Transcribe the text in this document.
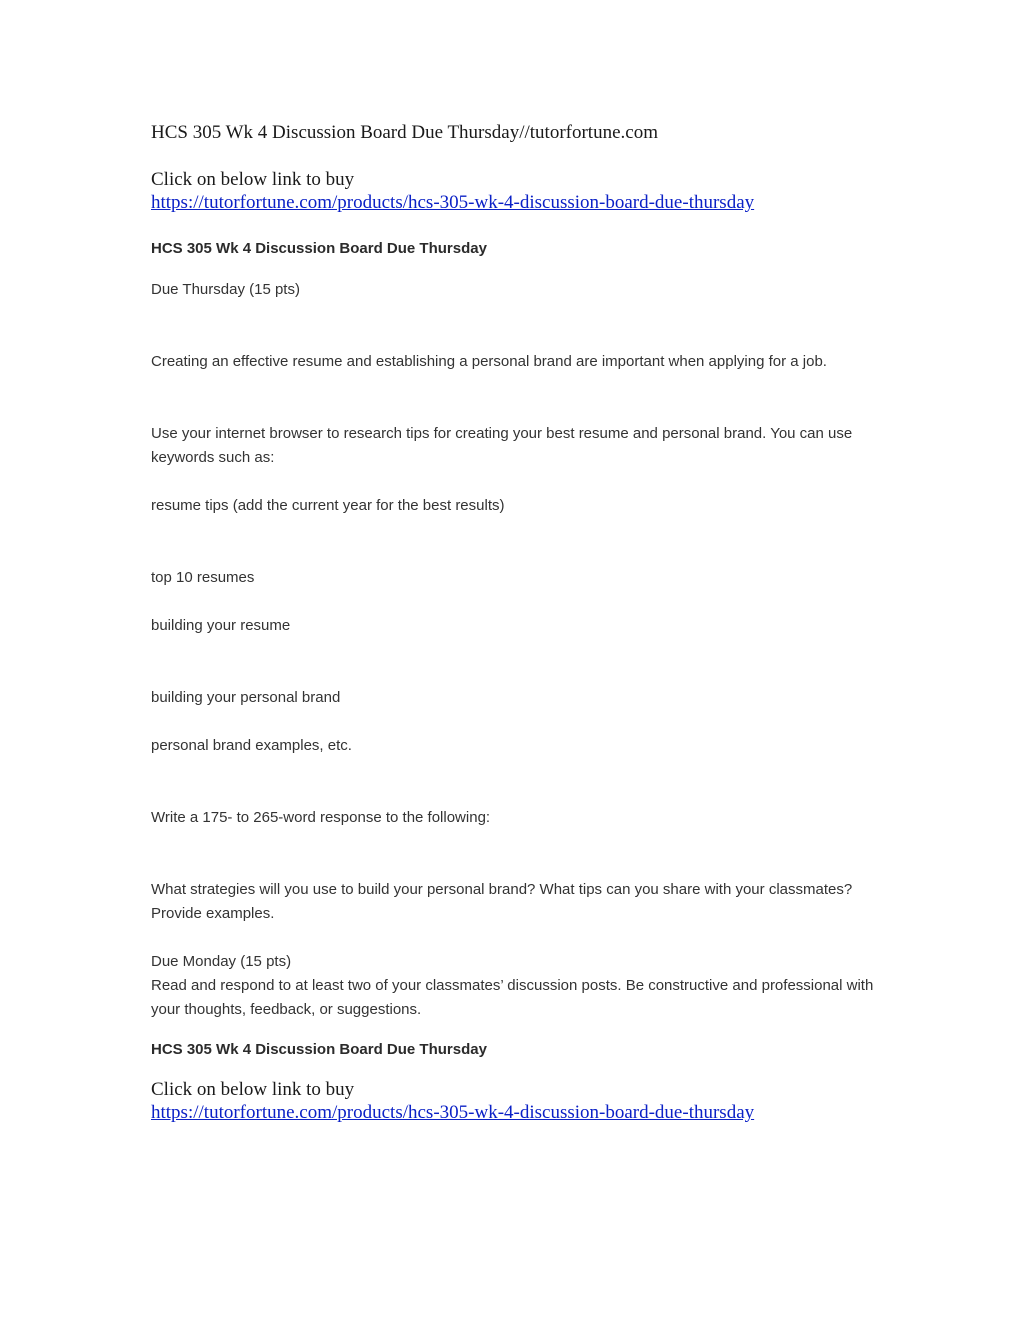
HCS 305 Wk 4 Discussion Board Due Thursday//tutorfortune.com

Click on below link to buy
https://tutorfortune.com/products/hcs-305-wk-4-discussion-board-due-thursday

HCS 305 Wk 4 Discussion Board Due Thursday

Due Thursday (15 pts)

Creating an effective resume and establishing a personal brand are important when applying for a job.

Use your internet browser to research tips for creating your best resume and personal brand. You can use keywords such as:

resume tips (add the current year for the best results)

top 10 resumes

building your resume

building your personal brand

personal brand examples, etc.

Write a 175- to 265-word response to the following:

What strategies will you use to build your personal brand? What tips can you share with your classmates? Provide examples.

Due Monday (15 pts)

Read and respond to at least two of your classmates’ discussion posts. Be constructive and professional with your thoughts, feedback, or suggestions.

HCS 305 Wk 4 Discussion Board Due Thursday

Click on below link to buy
https://tutorfortune.com/products/hcs-305-wk-4-discussion-board-due-thursday
